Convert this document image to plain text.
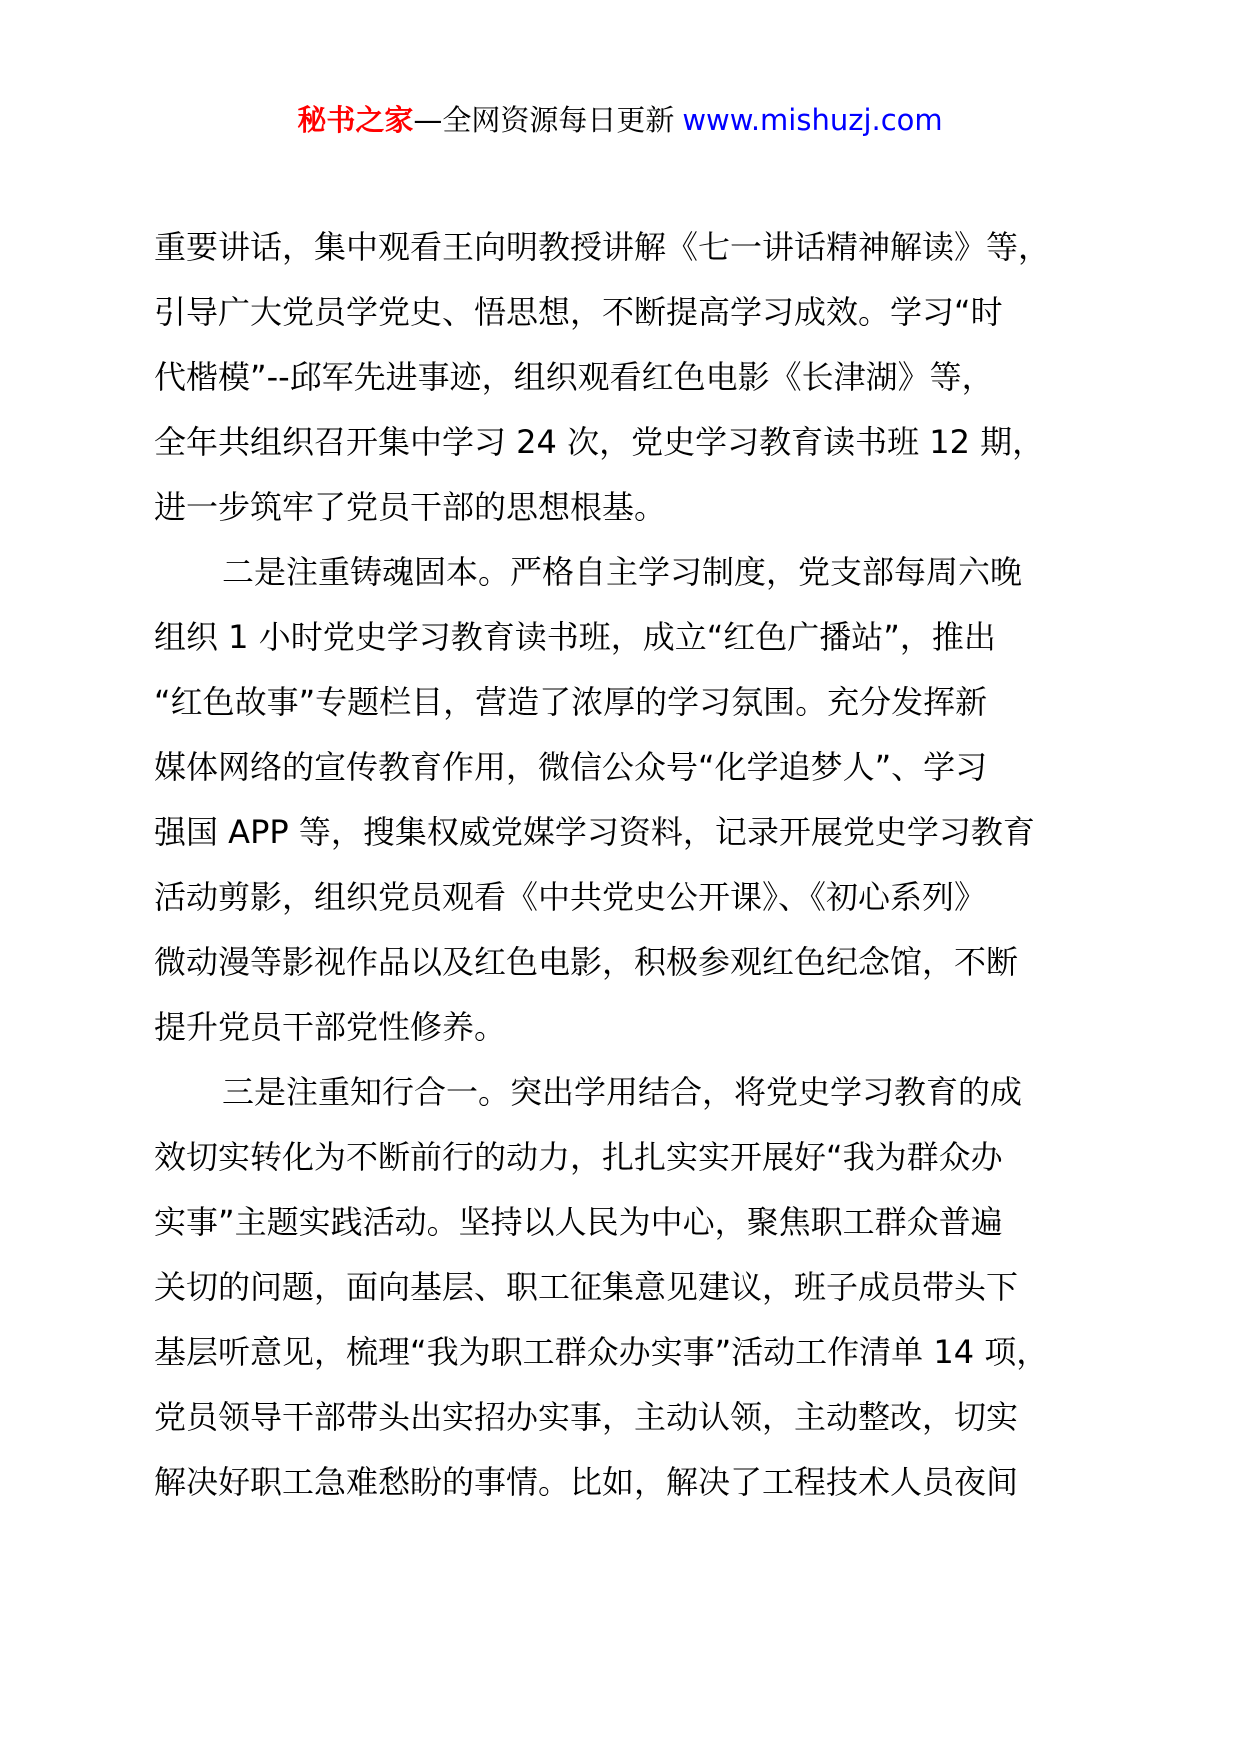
秘书之家—全网资源每日更新 www.mishuzj.com
重要讲话，集中观看王向明教授讲解《七一讲话精神解读》等，
引导广大党员学党史、悟思想，不断提高学习成效。学习“时
代楷模”--邱军先进事迹，组织观看红色电影《长津湖》等，
全年共组织召开集中学习 24 次，党史学习教育读书班 12 期，
进一步筑牢了党员干部的思想根基。
二是注重铸魂固本。严格自主学习制度，党支部每周六晚
组织 1 小时党史学习教育读书班，成立“红色广播站”，推出
“红色故事”专题栏目，营造了浓厚的学习氛围。充分发挥新
媒体网络的宣传教育作用，微信公众号“化学追梦人”、学习
强国 APP 等，搜集权威党媒学习资料，记录开展党史学习教育
活动剪影，组织党员观看《中共党史公开课》、《初心系列》
微动漫等影视作品以及红色电影，积极参观红色纪念馆，不断
提升党员干部党性修养。
三是注重知行合一。突出学用结合，将党史学习教育的成
效切实转化为不断前行的动力，扎扎实实开展好“我为群众办
实事”主题实践活动。坚持以人民为中心，聚焦职工群众普遍
关切的问题，面向基层、职工征集意见建议，班子成员带头下
基层听意见，梳理“我为职工群众办实事”活动工作清单 14 项，
党员领导干部带头出实招办实事，主动认领，主动整改，切实
解决好职工急难愁盼的事情。比如，解决了工程技术人员夜间
